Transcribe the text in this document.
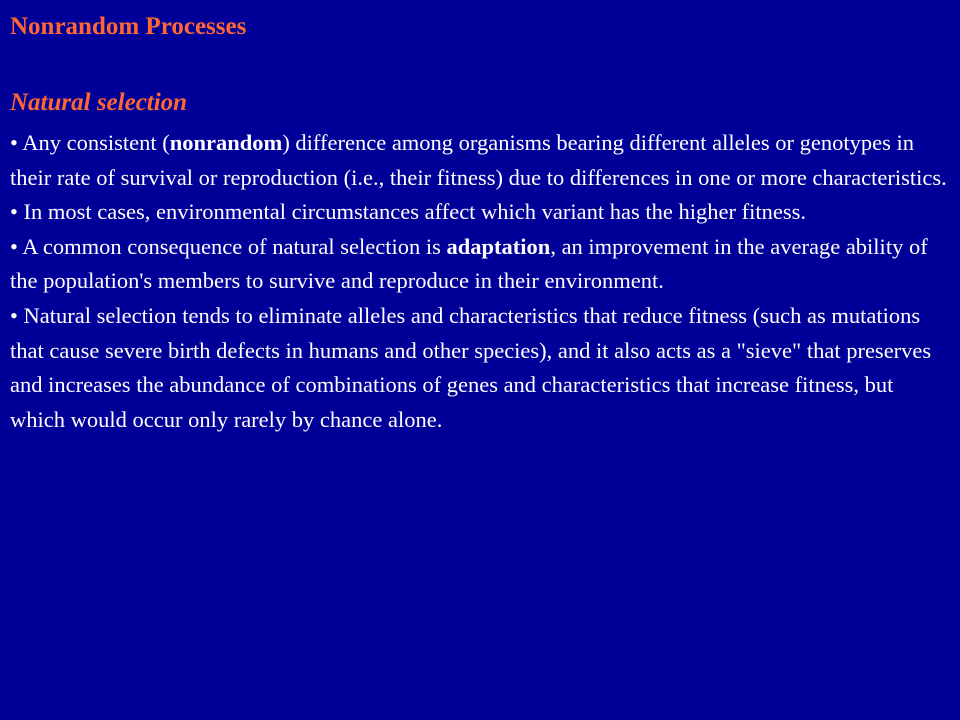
Nonrandom Processes
Natural selection

• Any consistent (nonrandom) difference among organisms bearing different alleles or genotypes in their rate of survival or reproduction (i.e., their fitness) due to differences in one or more characteristics.

• In most cases, environmental circumstances affect which variant has the higher fitness.

• A common consequence of natural selection is adaptation, an improvement in the average ability of the population's members to survive and reproduce in their environment.

• Natural selection tends to eliminate alleles and characteristics that reduce fitness (such as mutations that cause severe birth defects in humans and other species), and it also acts as a "sieve" that preserves and increases the abundance of combinations of genes and characteristics that increase fitness, but which would occur only rarely by chance alone.
